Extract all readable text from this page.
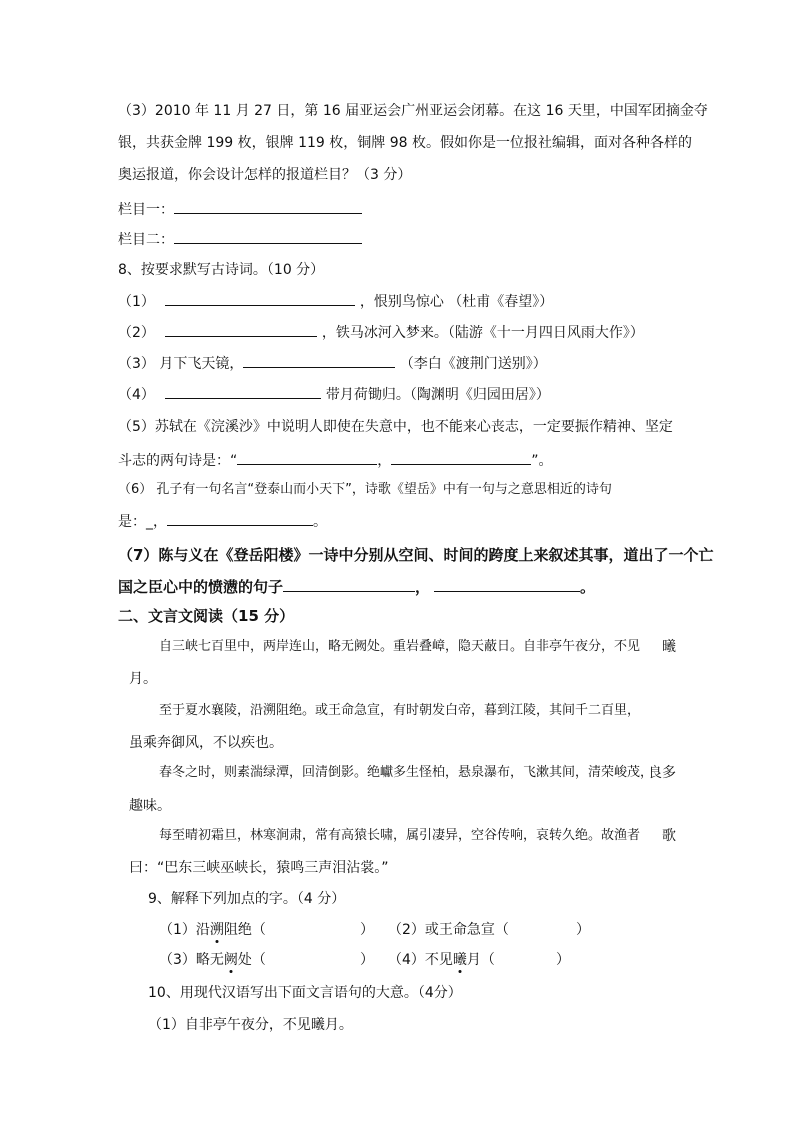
（3）2010 年 11 月 27 日，第 16 届亚运会广州亚运会闭幕。在这 16 天里，中国军团摘金夺
银，共获金牌 199 枚，银牌 119 枚，铜牌 98 枚。假如你是一位报社编辑，面对各种各样的
奥运报道，你会设计怎样的报道栏目？（3 分）
栏目一：
栏目二：
8、按要求默写古诗词。（10 分）
（1）	，恨别鸟惊心 （杜甫《春望》）
（2）	，铁马冰河入梦来。（陆游《十一月四日风雨大作》）
（3） 月下飞天镜，	（李白《渡荆门送别》）
（4）	带月荷锄归。（陶渊明《归园田居》）
（5）苏轼在《浣溪沙》中说明人即使在失意中，也不能来心丧志，一定要振作精神、坚定
斗志的两句诗是：“	，	”。
（6） 孔子有一句名言“登泰山而小天下”，诗歌《望岳》中有一句与之意思相近的诗句
是：_，	。
（7）陈与义在《登岳阳楼》一诗中分别从空间、时间的跨度上来叙述其事，道出了一个亡
国之臣心中的愤懑的句子	，	。
二、文言文阅读（15 分）
自三峡七百里中，两岸连山，略无阙处。重岩叠嶂，隐天蔽日。自非亭午夜分，不见 曦
月。
至于夏水襄陵，沿溯阻绝。或王命急宣，有时朝发白帝，暮到江陵，其间千二百里，
虽乘奔御风，不以疾也。
春冬之时，则素湍绿潭，回清倒影。绝巘多生怪柏，悬泉瀑布，飞漱其间，清荣峻茂，
良多
趣味。
每至晴初霜旦，林寒涧肃，常有高猿长啸，属引凄异，空谷传响，哀转久绝。故渔者 歌
曰：“巴东三峡巫峡长，猿鸣三声泪沾裳。”
9、解释下列加点的字。（4 分）
（1）沿溯阻绝（	） （2）或王命急宣（	）
（3）略无阙处（	） （4）不见曦月（	）
10、用现代汉语写出下面文言语句的大意。（4分）
（1）自非亭午夜分，不见曦月。
